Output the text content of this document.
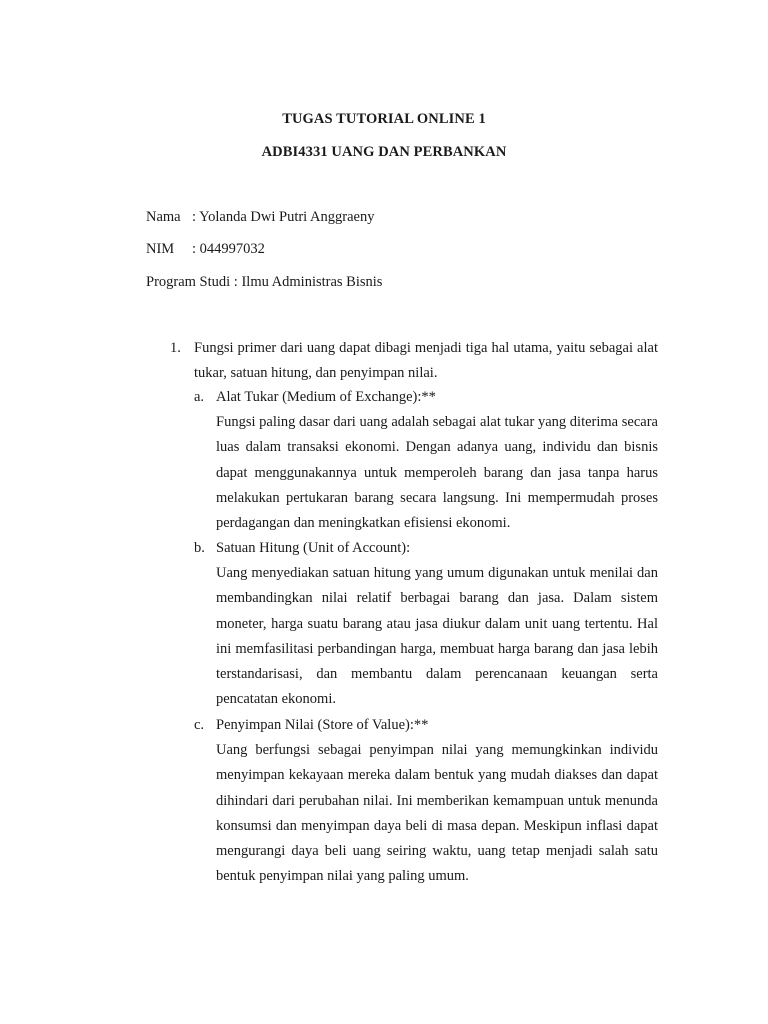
TUGAS TUTORIAL ONLINE 1
ADBI4331 UANG DAN PERBANKAN
Nama : Yolanda Dwi Putri Anggraeny
NIM : 044997032
Program Studi : Ilmu Administras Bisnis
1. Fungsi primer dari uang dapat dibagi menjadi tiga hal utama, yaitu sebagai alat tukar, satuan hitung, dan penyimpan nilai.
a. Alat Tukar (Medium of Exchange):**
Fungsi paling dasar dari uang adalah sebagai alat tukar yang diterima secara luas dalam transaksi ekonomi. Dengan adanya uang, individu dan bisnis dapat menggunakannya untuk memperoleh barang dan jasa tanpa harus melakukan pertukaran barang secara langsung. Ini mempermudah proses perdagangan dan meningkatkan efisiensi ekonomi.
b. Satuan Hitung (Unit of Account):
Uang menyediakan satuan hitung yang umum digunakan untuk menilai dan membandingkan nilai relatif berbagai barang dan jasa. Dalam sistem moneter, harga suatu barang atau jasa diukur dalam unit uang tertentu. Hal ini memfasilitasi perbandingan harga, membuat harga barang dan jasa lebih terstandarisasi, dan membantu dalam perencanaan keuangan serta pencatatan ekonomi.
c. Penyimpan Nilai (Store of Value):**
Uang berfungsi sebagai penyimpan nilai yang memungkinkan individu menyimpan kekayaan mereka dalam bentuk yang mudah diakses dan dapat dihindari dari perubahan nilai. Ini memberikan kemampuan untuk menunda konsumsi dan menyimpan daya beli di masa depan. Meskipun inflasi dapat mengurangi daya beli uang seiring waktu, uang tetap menjadi salah satu bentuk penyimpan nilai yang paling umum.
